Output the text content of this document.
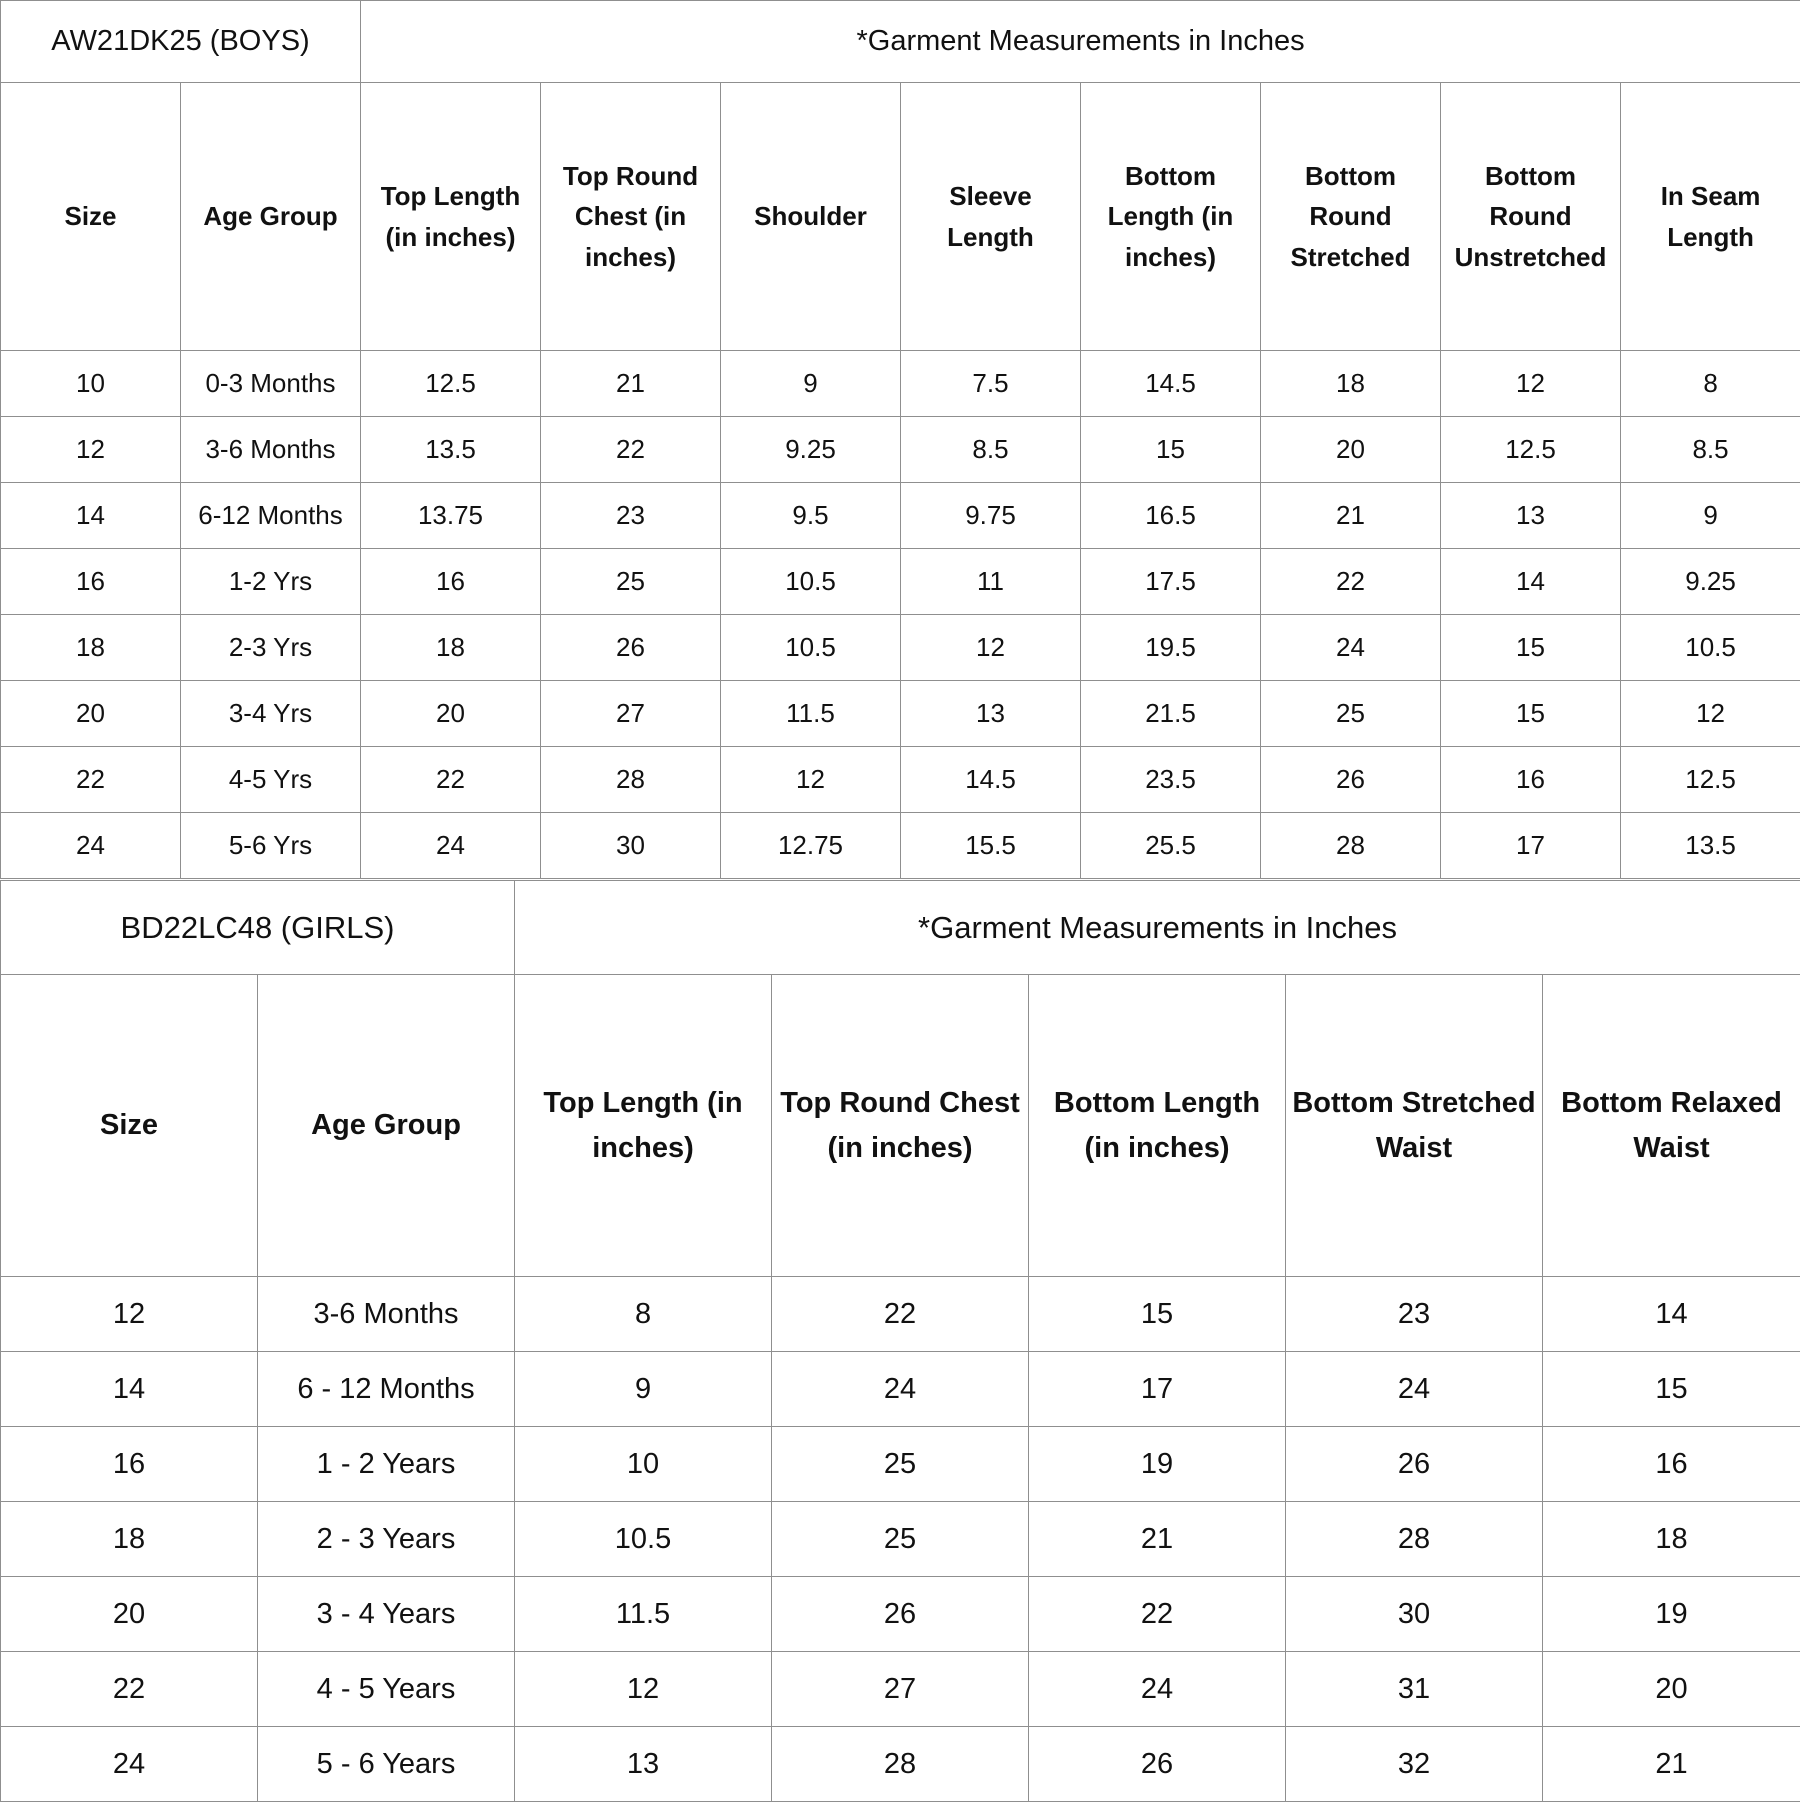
AW21DK25 (BOYS)		*Garment Measurements in Inches							
Size	Age Group	Top Length (in inches)	Top Round Chest (in inches)	Shoulder	Sleeve Length	Bottom Length (in inches)	Bottom Round Stretched	Bottom Round Unstretched	In Seam Length
10	0-3 Months	12.5	21	9	7.5	14.5	18	12	8
12	3-6 Months	13.5	22	9.25	8.5	15	20	12.5	8.5
14	6-12 Months	13.75	23	9.5	9.75	16.5	21	13	9
16	1-2 Yrs	16	25	10.5	11	17.5	22	14	9.25
18	2-3 Yrs	18	26	10.5	12	19.5	24	15	10.5
20	3-4 Yrs	20	27	11.5	13	21.5	25	15	12
22	4-5 Yrs	22	28	12	14.5	23.5	26	16	12.5
24	5-6 Yrs	24	30	12.75	15.5	25.5	28	17	13.5
BD22LC48 (GIRLS)		*Garment Measurements in Inches				
Size	Age Group	Top Length (in inches)	Top Round Chest (in inches)	Bottom Length (in inches)	Bottom Stretched Waist	Bottom Relaxed Waist
12	3-6 Months	8	22	15	23	14
14	6 - 12 Months	9	24	17	24	15
16	1 - 2 Years	10	25	19	26	16
18	2 - 3 Years	10.5	25	21	28	18
20	3 - 4 Years	11.5	26	22	30	19
22	4 - 5 Years	12	27	24	31	20
24	5 - 6 Years	13	28	26	32	21
